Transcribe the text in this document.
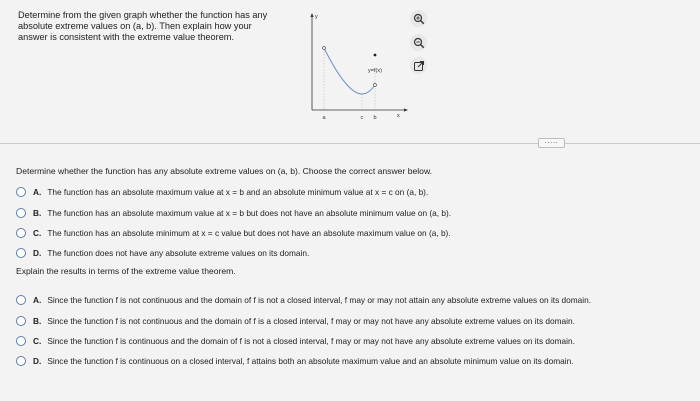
Determine from the given graph whether the function has any absolute extreme values on (a, b). Then explain how your answer is consistent with the extreme value theorem.
y
x
y=f(x)
a	c b
·····
Determine whether the function has any absolute extreme values on (a, b). Choose the correct answer below.
A. The function has an absolute maximum value at x = b and an absolute minimum value at x = c on (a, b).
B. The function has an absolute maximum value at x = b but does not have an absolute minimum value on (a, b).
C. The function has an absolute minimum at x = c value but does not have an absolute maximum value on (a, b).
D. The function does not have any absolute extreme values on its domain.
Explain the results in terms of the extreme value theorem.
A. Since the function f is not continuous and the domain of f is not a closed interval, f may or may not attain any absolute extreme values on its domain.
B. Since the function f is not continuous and the domain of f is a closed interval, f may or may not have any absolute extreme values on its domain.
C. Since the function f is continuous and the domain of f is not a closed interval, f may or may not have any absolute extreme values on its domain.
D. Since the function f is continuous on a closed interval, f attains both an absolute maximum value and an absolute minimum value on its domain.
